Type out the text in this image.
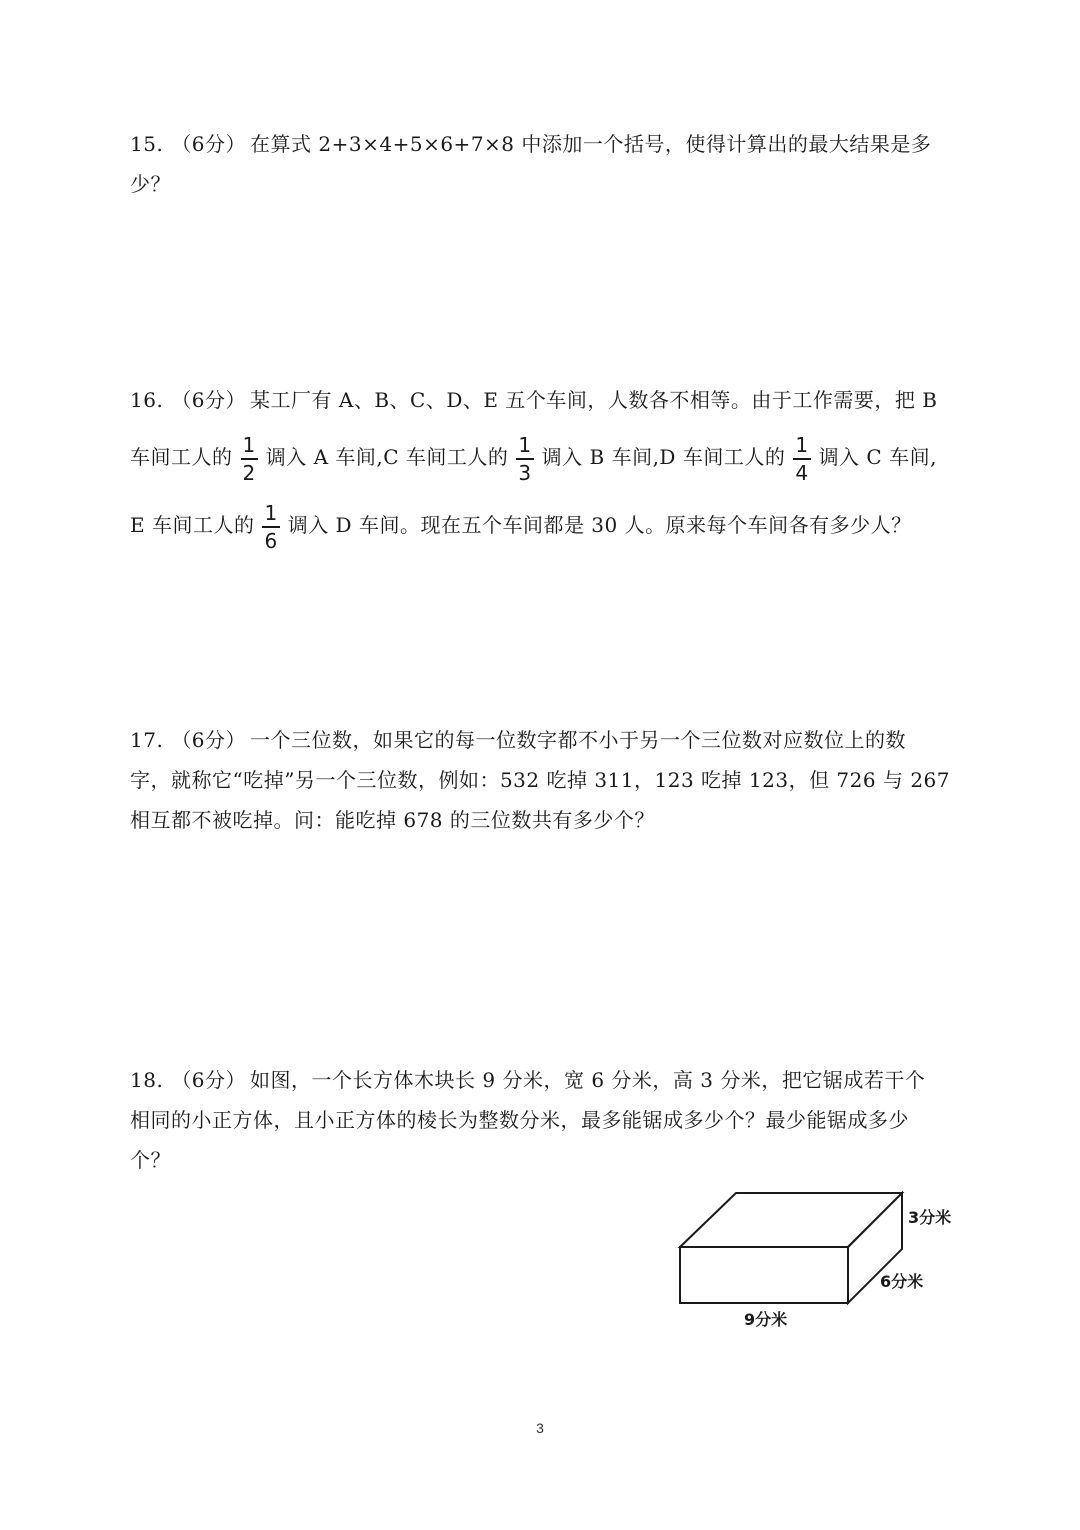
15. （6分） 在算式 2+3×4+5×6+7×8 中添加一个括号，使得计算出的最大结果是多
少？
16. （6分） 某工厂有 A、B、C、D、E 五个车间，人数各不相等。由于工作需要，把 B
车间工人的 $\frac{1}{2}$ 调入 A 车间,C 车间工人的 $\frac{1}{3}$ 调入 B 车间,D 车间工人的 $\frac{1}{4}$ 调入 C 车间,
E 车间工人的 $\frac{1}{6}$ 调入 D 车间。现在五个车间都是 30 人。原来每个车间各有多少人？
17. （6分） 一个三位数，如果它的每一位数字都不小于另一个三位数对应数位上的数
字，就称它“吃掉”另一个三位数，例如：532 吃掉 311，123 吃掉 123，但 726 与 267
相互都不被吃掉。问：能吃掉 678 的三位数共有多少个？
18. （6分） 如图，一个长方体木块长 9 分米，宽 6 分米，高 3 分米，把它锯成若干个
相同的小正方体，且小正方体的棱长为整数分米，最多能锯成多少个？最少能锯成多少
个？
3分米
6分米
9分米
3
